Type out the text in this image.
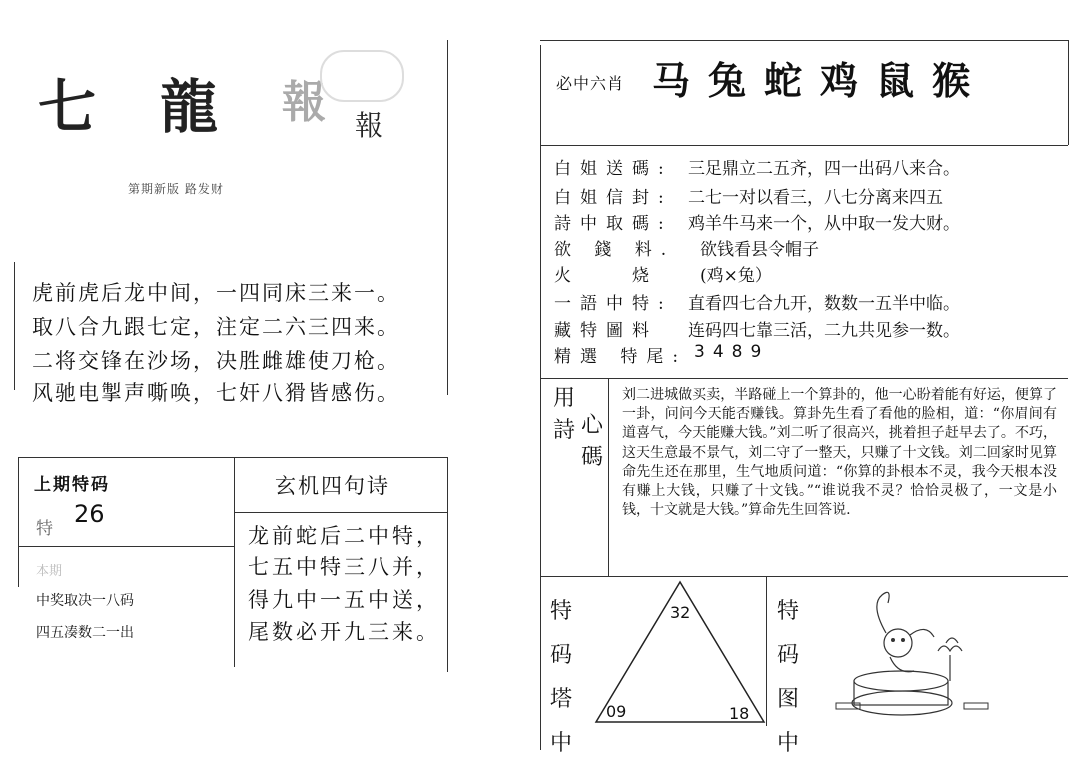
七 龍 報 報
第期新版 路发财
虎前虎后龙中间，一四同床三来一。
取八合九跟七定，注定二六三四来。
二将交锋在沙场，决胜雌雄使刀枪。
风驰电掣声嘶唤，七奸八猾皆感伤。
上期特码
特
26
本期
中奖取决一八码
四五凑数二一出
玄机四句诗
龙前蛇后二中特，
七五中特三八并，
得九中一五中送，
尾数必开九三来。
必中六肖 马兔蛇鸡鼠猴
白姐送碼: 三足鼎立二五齐，四一出码八来合。
白姐信封: 二七一对以看三，八七分离来四五
詩中取碼: 鸡羊牛马来一个，从中取一发大财。
欲 錢 料. 欲钱看县令帽子
火　　烧 (鸡×兔）
一語中特: 直看四七合九开，数数一五半中临。
藏特圖料 连码四七靠三活，二九共见参一数。
精選 特尾: 3489
用 詩 心 碼
刘二进城做买卖，半路碰上一个算卦的，他一心盼着能有好运，便算了一卦，问问今天能否赚钱。算卦先生看了看他的脸相，道：“你眉间有道喜气，今天能赚大钱。”刘二听了很高兴，挑着担子赶早去了。不巧，这天生意最不景气，刘二守了一整天，只赚了十文钱。刘二回家时见算命先生还在那里，生气地质问道：“你算的卦根本不灵，我今天根本没有赚上大钱，只赚了十文钱。”“谁说我不灵？恰恰灵极了，一文是小钱，十文就是大钱。”算命先生回答说.
特 码 塔 中
特 码 图 中
32
09	18
